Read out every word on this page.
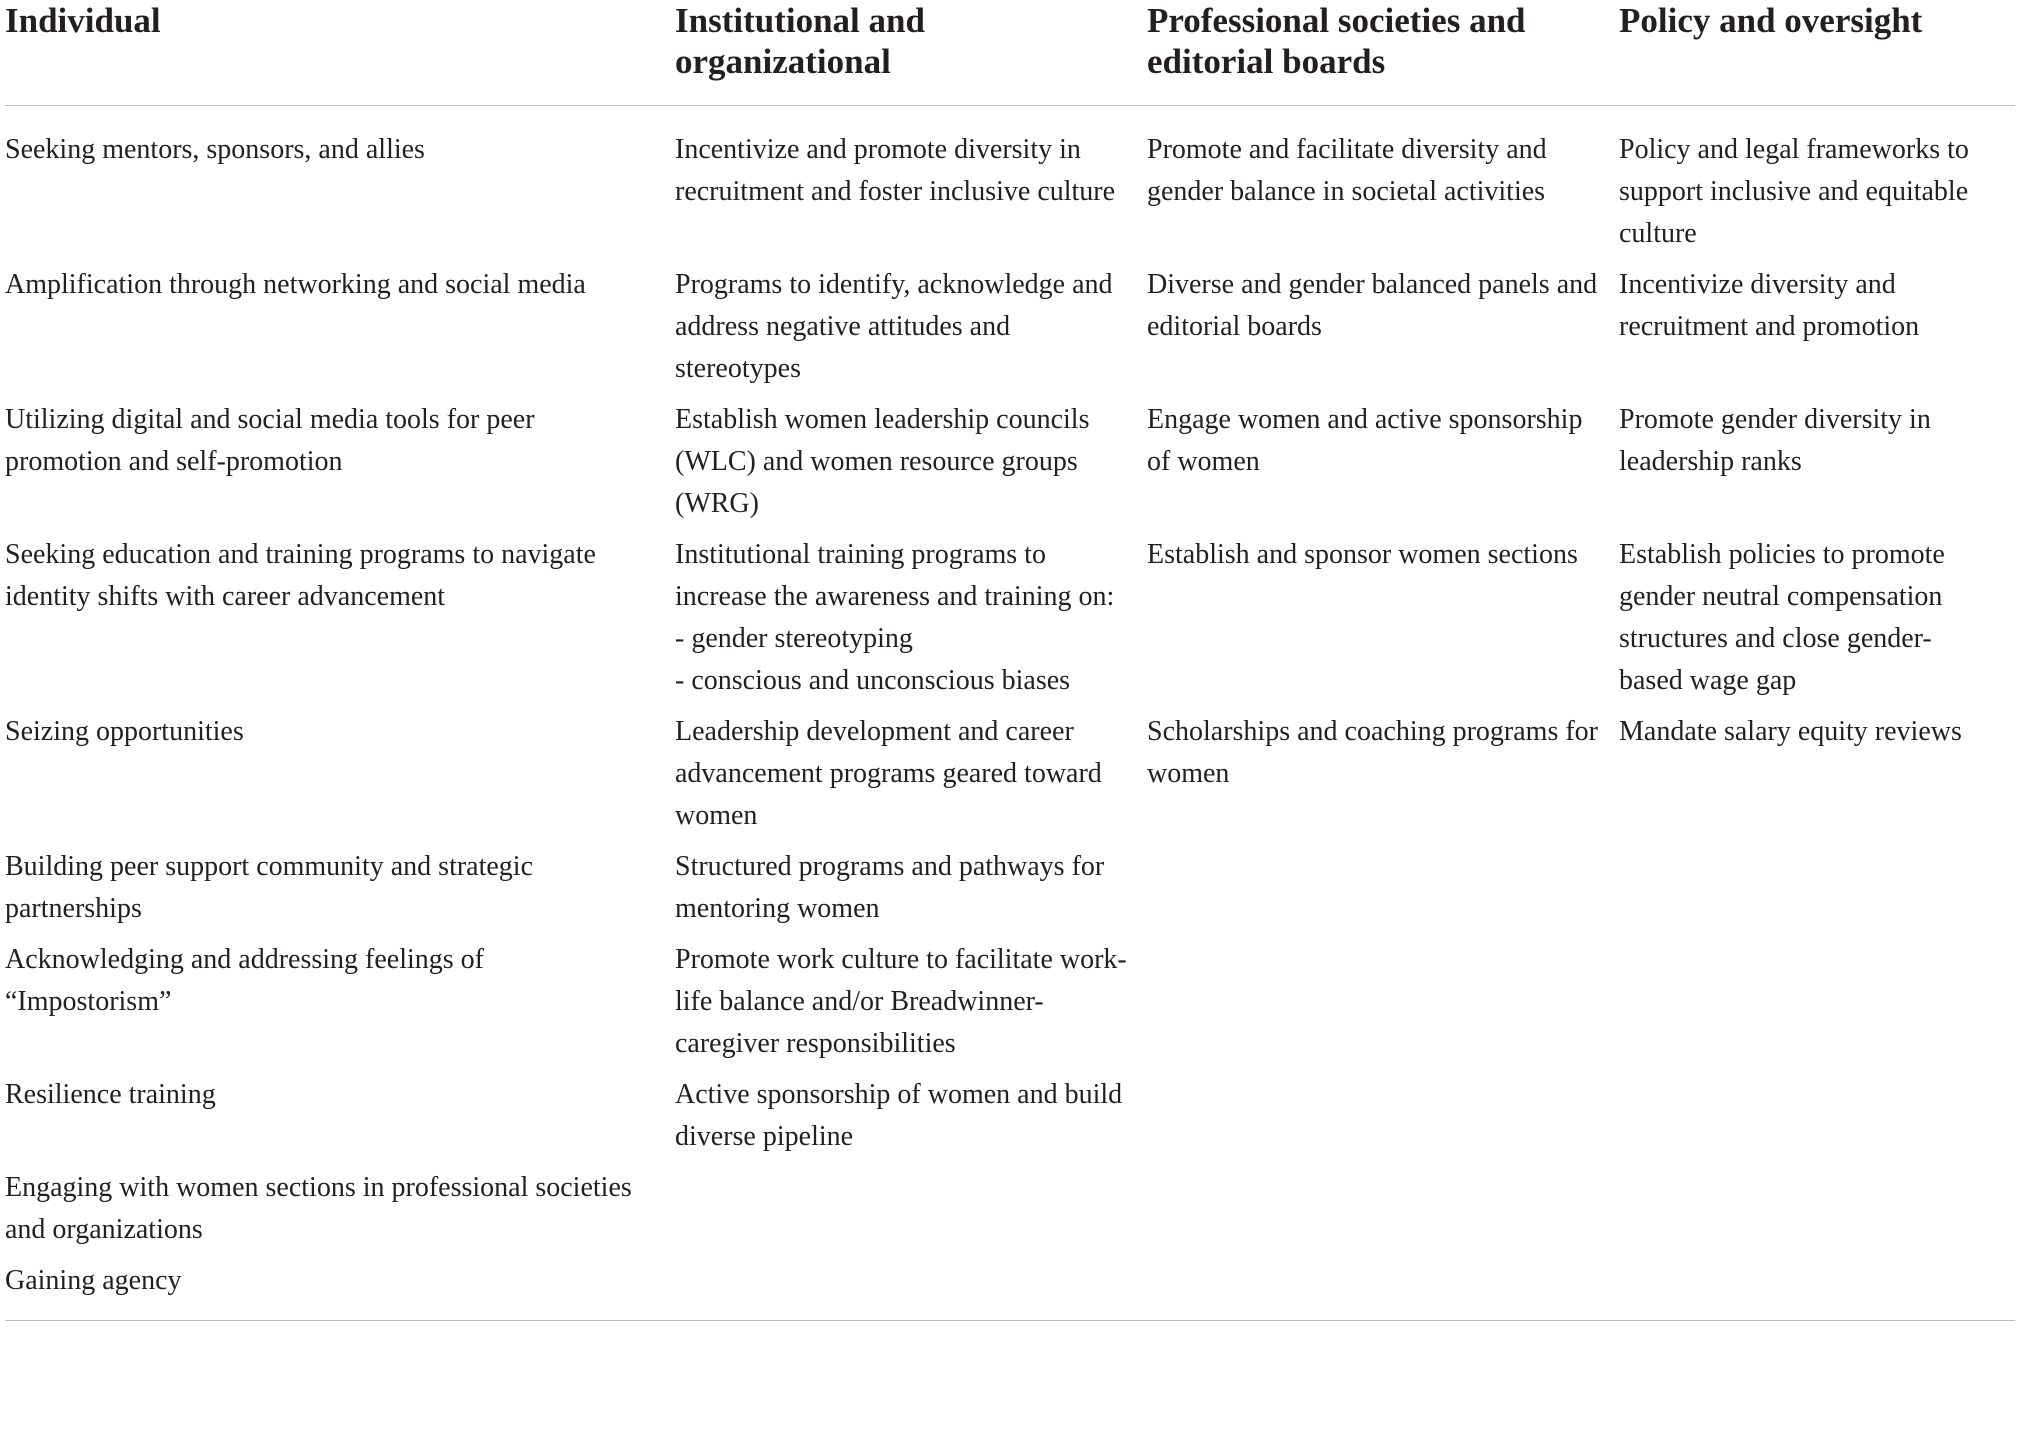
Individual	Institutional and organizational	Professional societies and editorial boards	Policy and oversight
Seeking mentors, sponsors, and allies	Incentivize and promote diversity in recruitment and foster inclusive culture	Promote and facilitate diversity and gender balance in societal activities	Policy and legal frameworks to support inclusive and equitable culture
Amplification through networking and social media	Programs to identify, acknowledge and address negative attitudes and stereotypes	Diverse and gender balanced panels and editorial boards	Incentivize diversity and recruitment and promotion
Utilizing digital and social media tools for peer promotion and self-promotion	Establish women leadership councils (WLC) and women resource groups (WRG)	Engage women and active sponsorship of women	Promote gender diversity in leadership ranks
Seeking education and training programs to navigate identity shifts with career advancement	Institutional training programs to increase the awareness and training on:
- gender stereotyping
- conscious and unconscious biases	Establish and sponsor women sections	Establish policies to promote gender neutral compensation structures and close gender-based wage gap
Seizing opportunities	Leadership development and career advancement programs geared toward women	Scholarships and coaching programs for women	Mandate salary equity reviews
Building peer support community and strategic partnerships	Structured programs and pathways for mentoring women		
Acknowledging and addressing feelings of “Impostorism”	Promote work culture to facilitate work-life balance and/or Breadwinner-caregiver responsibilities		
Resilience training	Active sponsorship of women and build diverse pipeline		
Engaging with women sections in professional societies and organizations			
Gaining agency			
